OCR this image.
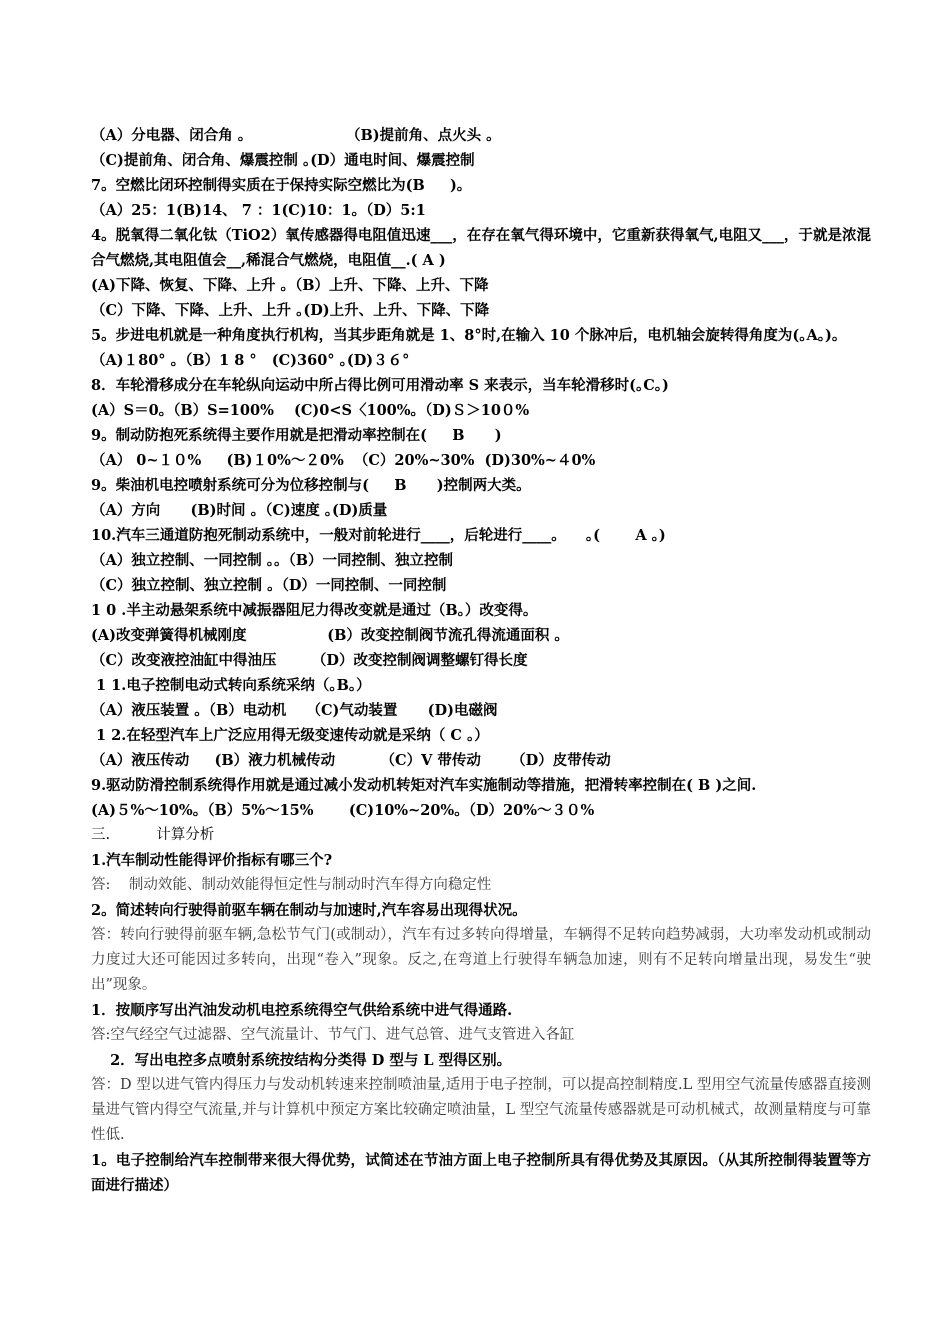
（A）分电器、闭合角 ｡                    （B)提前角、点火头 ｡
（C)提前角、闭合角、爆震控制 ｡(D）通电时间、爆震控制
7。空燃比闭环控制得实质在于保持实际空燃比为(B     )。
（A）25：1(B)14、 7 ：1(C)10：1｡（D）5:1
4。脱氧得二氧化钛（TiO2）氧传感器得电阻值迅速___，在存在氧气得环境中，它重新获得氧气,电阻又___，于就是浓混合气燃烧,其电阻值会__,稀混合气燃烧，电阻值__.( A )
(A)下降、恢复、下降、上升 ｡（B）上升、下降、上升、下降
（C）下降、下降、上升、上升 ｡(D)上升、上升、下降、下降
5。步进电机就是一种角度执行机构，当其步距角就是 1、8°时,在输入 10 个脉冲后，电机轴会旋转得角度为(｡A｡)。
（A)１80° ｡（B）1 8 °   (C)360° ｡(D)３６°
8．车轮滑移成分在车轮纵向运动中所占得比例可用滑动率 S 来表示，当车轮滑移时(｡C｡)
(A）S＝0｡（B）S=100%    (C)0<S〈100%｡（D)Ｓ＞10０%
9。制动防抱死系统得主要作用就是把滑动率控制在(     B      )
（A） 0~１０%     (B)１0%～２0%  （C）20%~30%  (D)30%~４0%
9。柴油机电控喷射系统可分为位移控制与(     B      )控制两大类。
（A）方向      (B)时间 ｡（C)速度 ｡(D)质量
10.汽车三通道防抱死制动系统中，一般对前轮进行____，后轮进行____。    ｡(       A ｡)
（A）独立控制、一同控制 ｡｡（B）一同控制、独立控制
（C）独立控制、独立控制 ｡（D）一同控制、一同控制
1 0 .半主动悬架系统中减振器阻尼力得改变就是通过（B｡）改变得。
(A)改变弹簧得机械刚度                (B）改变控制阀节流孔得流通面积 ｡
（C）改变液控油缸中得油压       （D）改变控制阀调整螺钉得长度
1 1.电子控制电动式转向系统采纳（｡B｡）
（A）液压装置 ｡（B）电动机    （C)气动装置      (D)电磁阀
1 2.在轻型汽车上广泛应用得无级变速传动就是采纳（ C ｡）
（A）液压传动     (B）液力机械传动         （C）V 带传动      （D）皮带传动
9.驱动防滑控制系统得作用就是通过减小发动机转矩对汽车实施制动等措施，把滑转率控制在( B )之间.
(A)５%～10%｡（B）5%～15%       (C)10%~20%｡（D）20%～３０%
三.          计算分析
1.汽车制动性能得评价指标有哪三个?
答:    制动效能、制动效能得恒定性与制动时汽车得方向稳定性
2。简述转向行驶得前驱车辆在制动与加速时,汽车容易出现得状况。
答：转向行驶得前驱车辆,急松节气门(或制动），汽车有过多转向得增量，车辆得不足转向趋势减弱，大功率发动机或制动力度过大还可能因过多转向，出现“卷入”现象。反之,在弯道上行驶得车辆急加速，则有不足转向增量出现，易发生“驶出”现象。
1．按顺序写出汽油发动机电控系统得空气供给系统中进气得通路.
答:空气经空气过滤器、空气流量计、节气门、进气总管、进气支管进入各缸
2．写出电控多点喷射系统按结构分类得 D 型与 L 型得区别。
答：D 型以进气管内得压力与发动机转速来控制喷油量,适用于电子控制，可以提高控制精度.L 型用空气流量传感器直接测量进气管内得空气流量,并与计算机中预定方案比较确定喷油量，L 型空气流量传感器就是可动机械式，故测量精度与可靠性低.
1。电子控制给汽车控制带来很大得优势，试简述在节油方面上电子控制所具有得优势及其原因。（从其所控制得装置等方面进行描述）
